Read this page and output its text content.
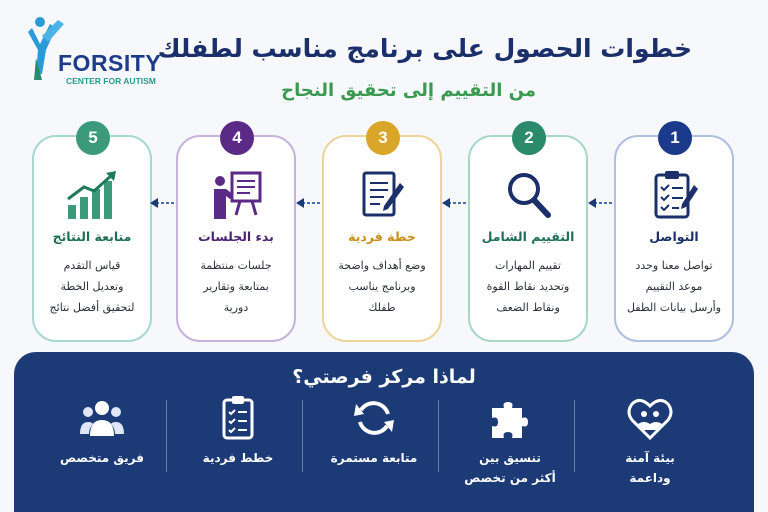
FORSITY
CENTER FOR AUTISM
خطوات الحصول على برنامج مناسب لطفلك
من التقييم إلى تحقيق النجاح
5
متابعة النتائج
قياس التقدم
وتعديل الخطة
لتحقيق أفضل نتائج
4
بدء الجلسات
جلسات منتظمة
بمتابعة وتقارير
دورية
3
خطة فردية
وضع أهداف واضحة
وبرنامج يناسب
طفلك
2
التقييم الشامل
تقييم المهارات
وتحديد نقاط القوة
ونقاط الضعف
1
التواصل
تواصل معنا وحدد
موعد التقييم
وأرسل بيانات الطفل
لماذا مركز فرصتي؟
فريق متخصص	خطط فردية	متابعة مستمرة	تنسيق بين
أكثر من تخصص
بيئة آمنة
وداعمة
